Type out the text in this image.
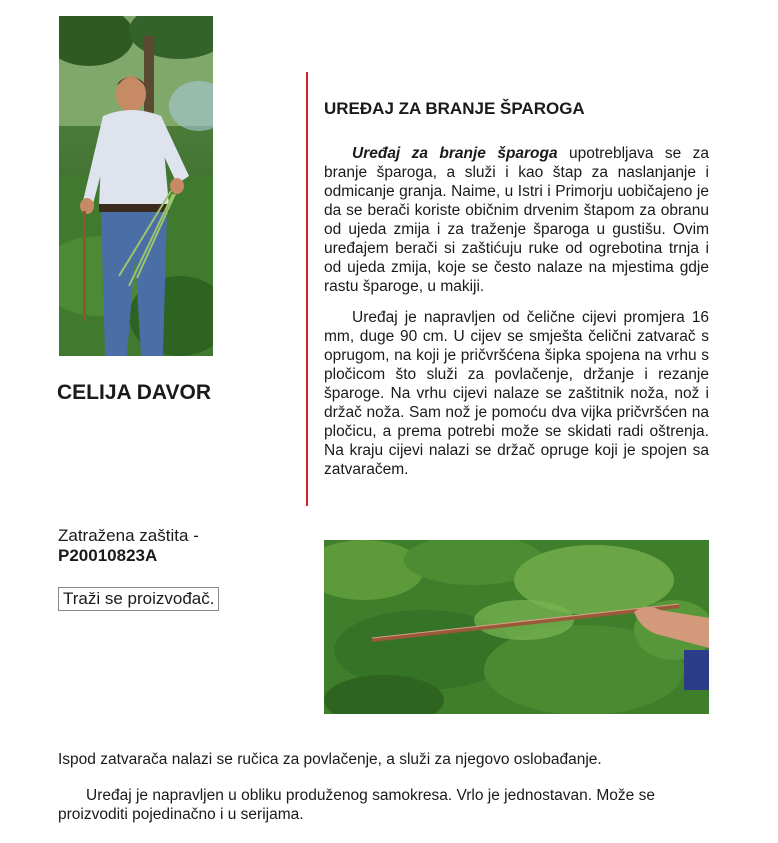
CELIJA DAVOR
Zatražena zaštita -
P20010823A
Traži se proizvođač.
UREĐAJ ZA BRANJE ŠPAROGA

Uređaj za branje šparoga upotrebljava se za branje šparoga, a služi i kao štap za naslanjanje i odmicanje granja. Naime, u Istri i Primorju uobičajeno je da se berači koriste običnim drvenim štapom za obranu od ujeda zmija i za traženje šparoga u gustišu. Ovim uređajem berači si zaštićuju ruke od ogrebotina trnja i od ujeda zmija, koje se često nalaze na mjestima gdje rastu šparoge, u makiji.

Uređaj je napravljen od čelične cijevi promjera 16 mm, duge 90 cm. U cijev se smješta čelični zatvarač s oprugom, na koji je pričvršćena šipka spojena na vrhu s pločicom što služi za povlačenje, držanje i rezanje šparoge. Na vrhu cijevi nalaze se zaštitnik noža, nož i držač noža. Sam nož je pomoću dva vijka pričvršćen na pločicu, a prema potrebi može se skidati radi oštrenja. Na kraju cijevi nalazi se držač opruge koji je spojen sa zatvaračem.

Ispod zatvarača nalazi se ručica za povlačenje, a služi za njegovo oslobađanje.

Uređaj je napravljen u obliku produženog samokresa. Vrlo je jednostavan. Može se proizvoditi pojedinačno i u serijama.
